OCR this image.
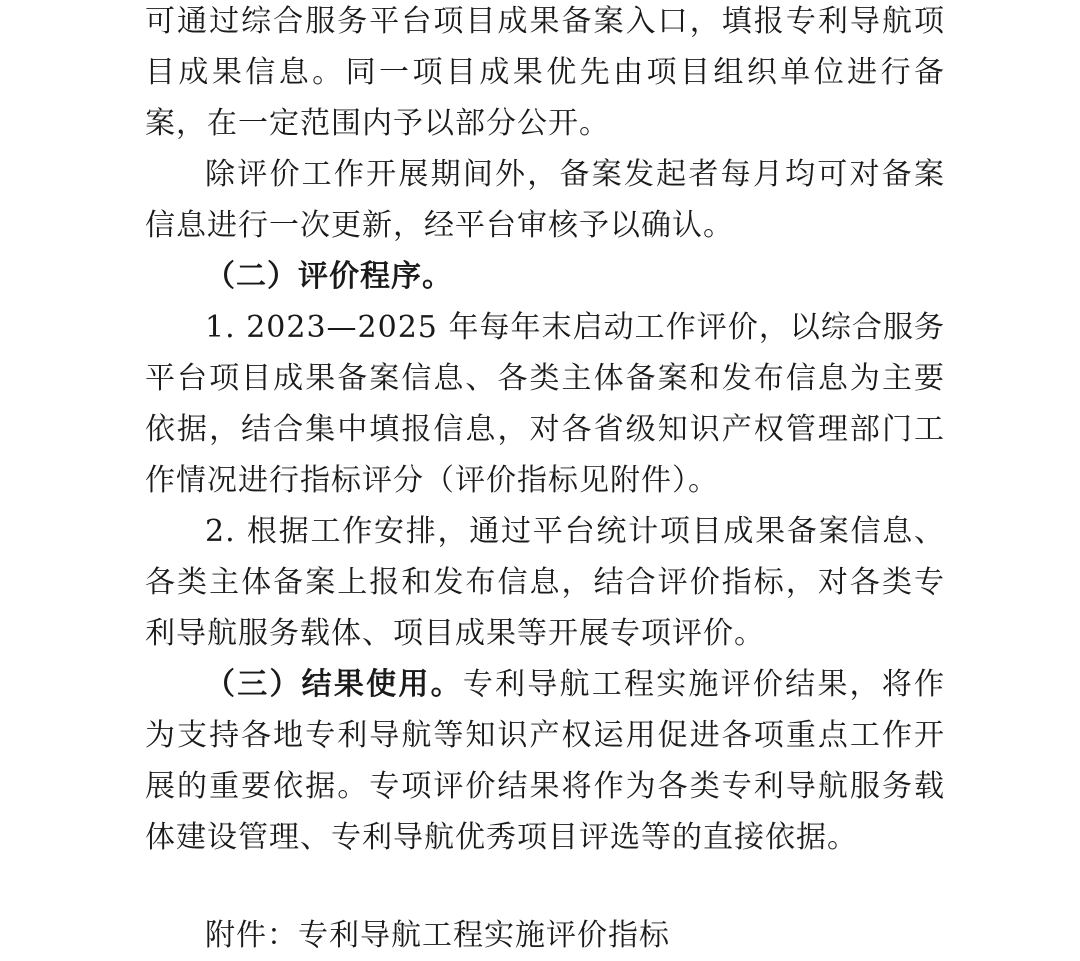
可通过综合服务平台项目成果备案入口，填报专利导航项目成果信息。同一项目成果优先由项目组织单位进行备案，在一定范围内予以部分公开。

除评价工作开展期间外，备案发起者每月均可对备案信息进行一次更新，经平台审核予以确认。

（二）评价程序。

1. 2023—2025 年每年末启动工作评价，以综合服务平台项目成果备案信息、各类主体备案和发布信息为主要依据，结合集中填报信息，对各省级知识产权管理部门工作情况进行指标评分（评价指标见附件）。

2. 根据工作安排，通过平台统计项目成果备案信息、各类主体备案上报和发布信息，结合评价指标，对各类专利导航服务载体、项目成果等开展专项评价。

（三）结果使用。专利导航工程实施评价结果，将作为支持各地专利导航等知识产权运用促进各项重点工作开展的重要依据。专项评价结果将作为各类专利导航服务载体建设管理、专利导航优秀项目评选等的直接依据。

附件：专利导航工程实施评价指标
